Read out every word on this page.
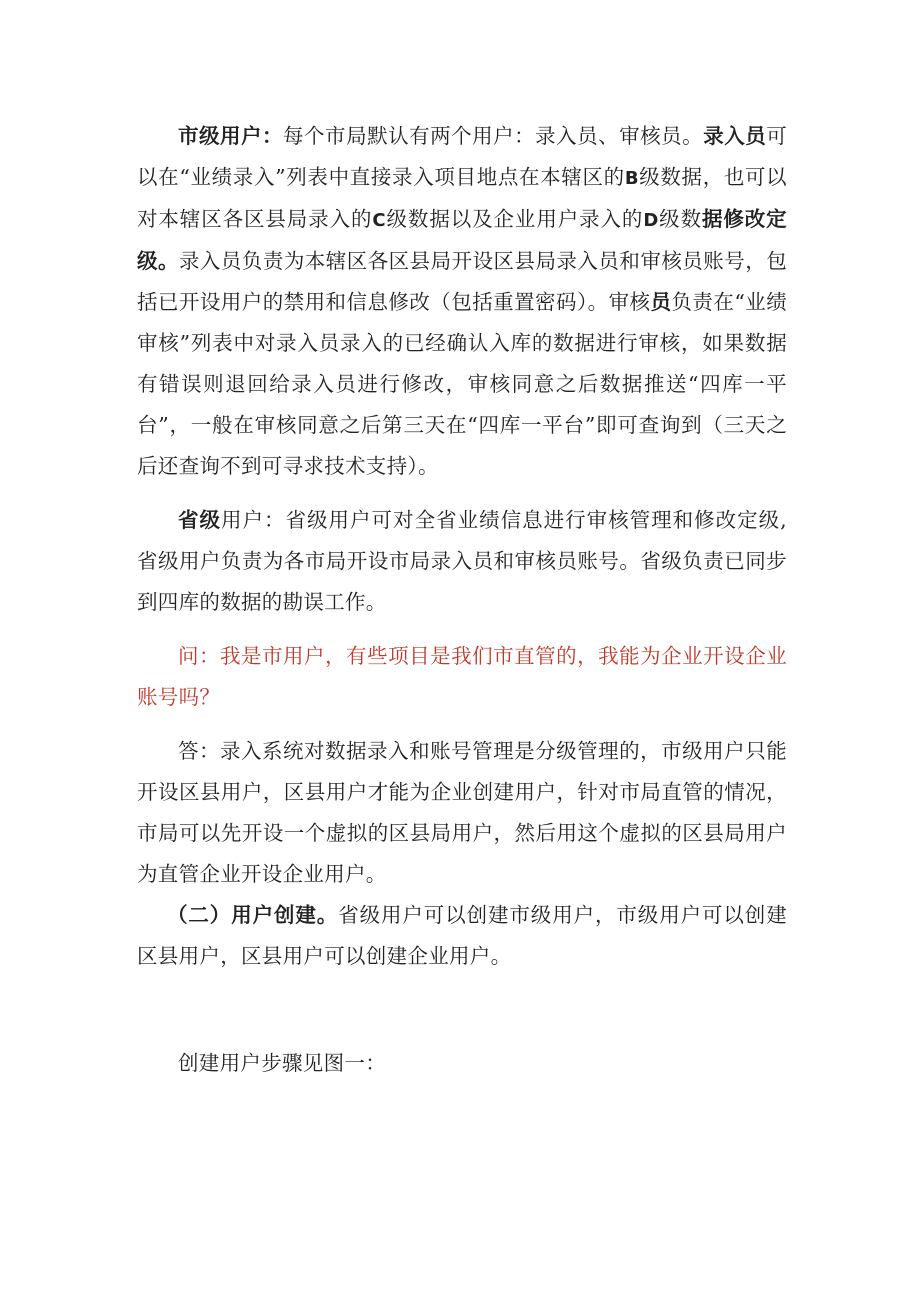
市级用户：每个市局默认有两个用户：录入员、审核员。录入员可以在“业绩录入”列表中直接录入项目地点在本辖区的B级数据，也可以对本辖区各区县局录入的C级数据以及企业用户录入的D级数据修改定级。录入员负责为本辖区各区县局开设区县局录入员和审核员账号，包括已开设用户的禁用和信息修改（包括重置密码）。审核员负责在“业绩审核”列表中对录入员录入的已经确认入库的数据进行审核，如果数据有错误则退回给录入员进行修改，审核同意之后数据推送“四库一平台”，一般在审核同意之后第三天在“四库一平台”即可查询到（三天之后还查询不到可寻求技术支持）。

省级用户：省级用户可对全省业绩信息进行审核管理和修改定级,省级用户负责为各市局开设市局录入员和审核员账号。省级负责已同步到四库的数据的勘误工作。

问：我是市用户，有些项目是我们市直管的，我能为企业开设企业账号吗？

答：录入系统对数据录入和账号管理是分级管理的，市级用户只能开设区县用户，区县用户才能为企业创建用户，针对市局直管的情况，市局可以先开设一个虚拟的区县局用户，然后用这个虚拟的区县局用户为直管企业开设企业用户。

（二）用户创建。省级用户可以创建市级用户，市级用户可以创建区县用户，区县用户可以创建企业用户。

创建用户步骤见图一：
